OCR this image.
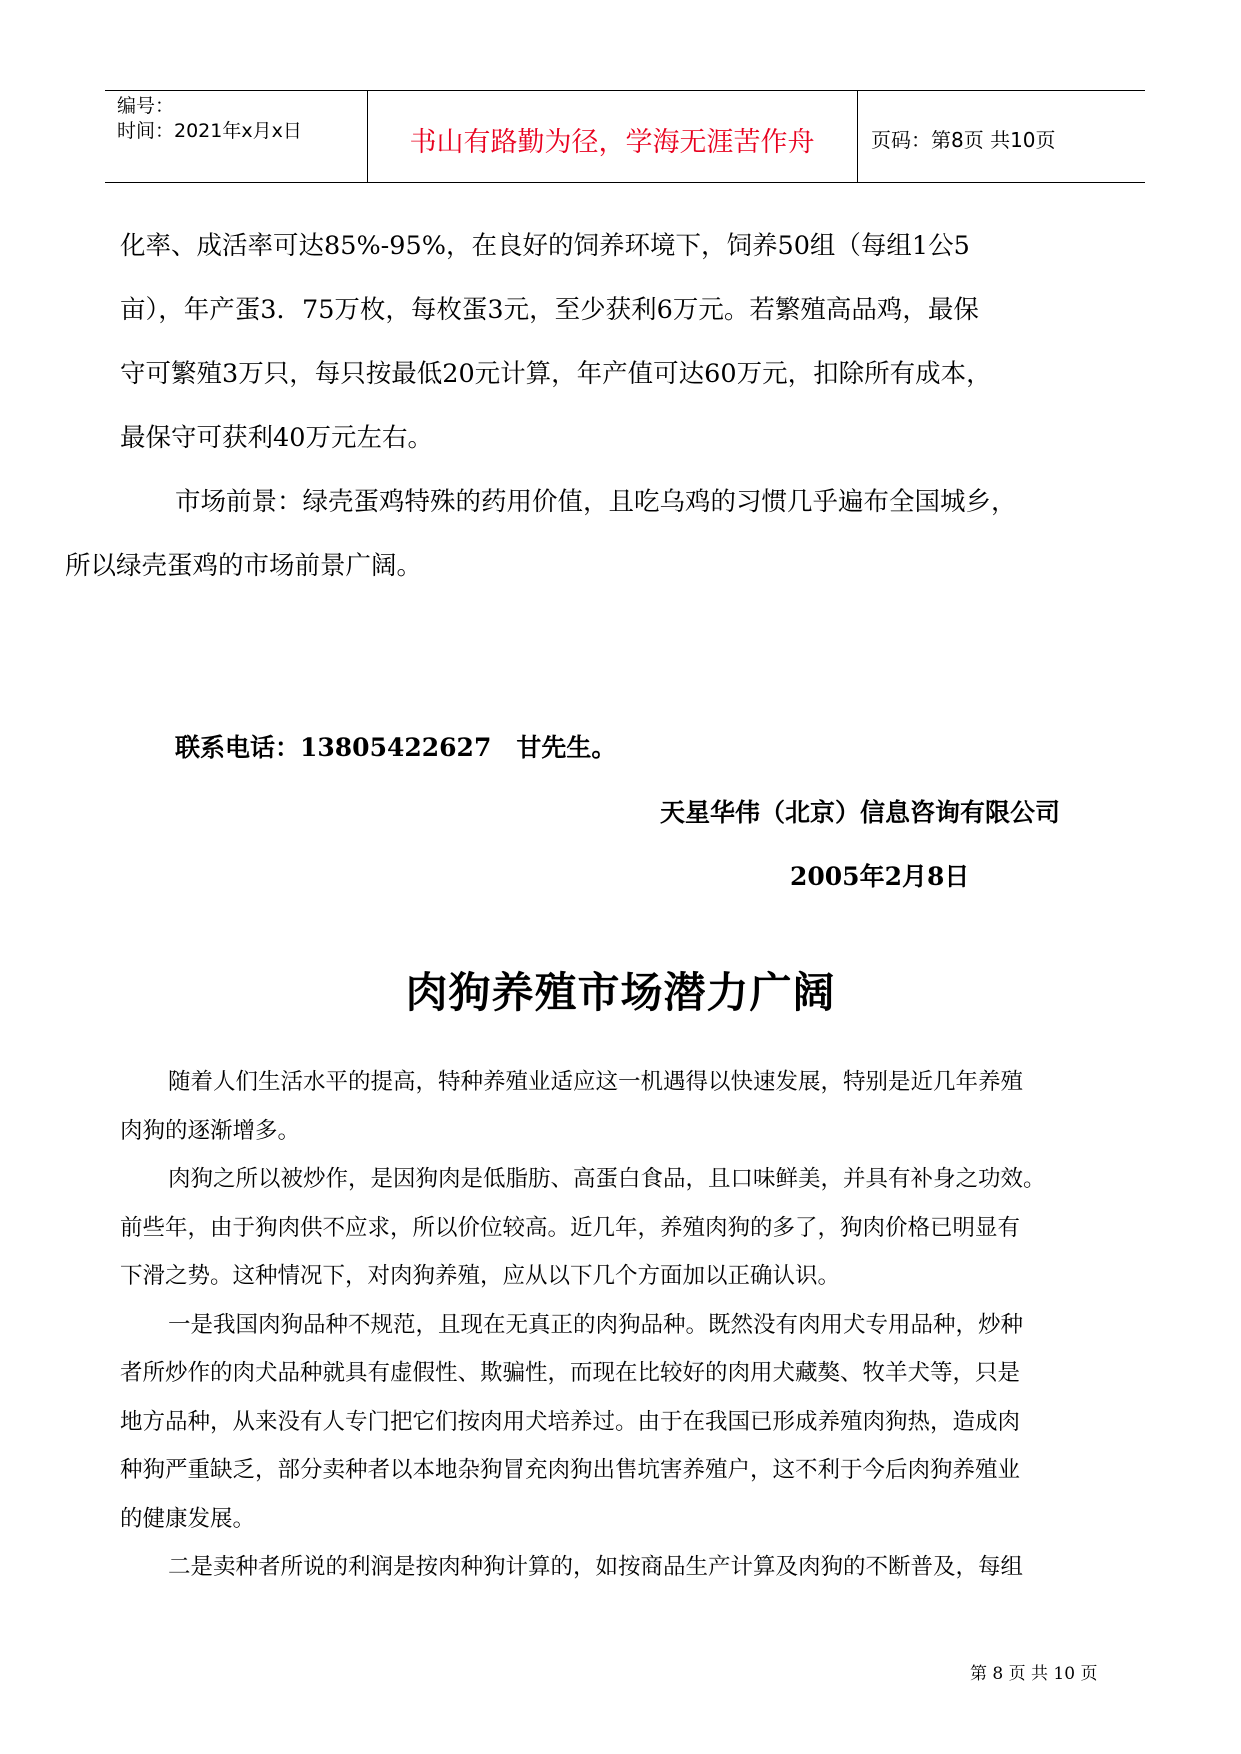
编号：
时间：2021年x月x日	书山有路勤为径，学海无涯苦作舟	页码：第8页 共10页

化率、成活率可达85%-95%，在良好的饲养环境下，饲养50组（每组1公5
亩），年产蛋3．75万枚，每枚蛋3元，至少获利6万元。若繁殖高品鸡，最保
守可繁殖3万只，每只按最低20元计算，年产值可达60万元，扣除所有成本，
最保守可获利40万元左右。

市场前景：绿壳蛋鸡特殊的药用价值，且吃乌鸡的习惯几乎遍布全国城乡，
所以绿壳蛋鸡的市场前景广阔。

联系电话：13805422627　甘先生。
天星华伟（北京）信息咨询有限公司
2005年2月8日
肉狗养殖市场潜力广阔

随着人们生活水平的提高，特种养殖业适应这一机遇得以快速发展，特别是近几年养殖
肉狗的逐渐增多。

肉狗之所以被炒作，是因狗肉是低脂肪、高蛋白食品，且口味鲜美，并具有补身之功效。
前些年，由于狗肉供不应求，所以价位较高。近几年，养殖肉狗的多了，狗肉价格已明显有
下滑之势。这种情况下，对肉狗养殖，应从以下几个方面加以正确认识。

一是我国肉狗品种不规范，且现在无真正的肉狗品种。既然没有肉用犬专用品种，炒种
者所炒作的肉犬品种就具有虚假性、欺骗性，而现在比较好的肉用犬藏獒、牧羊犬等，只是
地方品种，从来没有人专门把它们按肉用犬培养过。由于在我国已形成养殖肉狗热，造成肉
种狗严重缺乏，部分卖种者以本地杂狗冒充肉狗出售坑害养殖户，这不利于今后肉狗养殖业
的健康发展。

二是卖种者所说的利润是按肉种狗计算的，如按商品生产计算及肉狗的不断普及，每组

第 8 页 共 10 页
